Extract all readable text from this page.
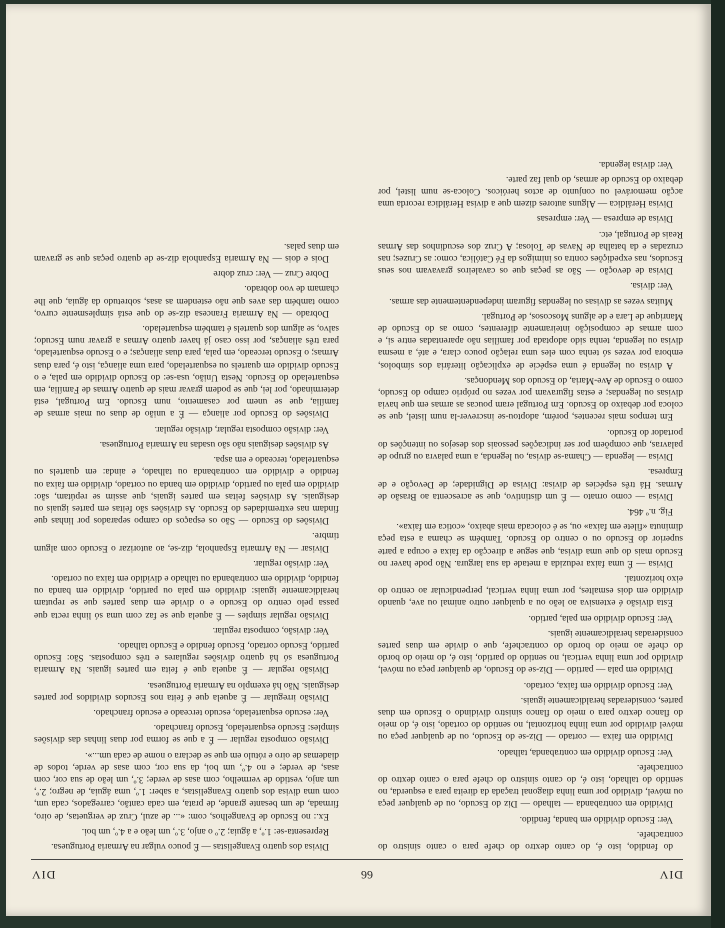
DIV
66
DIV

do fendido, isto é, do canto dextro do chefe para o canto sinistro do contrachefe.

Ver: Escudo dividido em banda, fendido.

Dividido em contrabanda — talhado — Diz do Escudo, ou de qualquer peça ou móvel, dividido por uma linha diagonal traçada da direita para a esquerda, no sentido do talhado, isto é, do canto sinistro do chefe para o canto dextro do contrachefe.

Ver: Escudo dividido em contrabanda, talhado.

Dividido em faixa — cortado — Diz-se do Escudo, ou de qualquer peça ou móvel dividido por uma linha horizontal, no sentido do cortado, isto é, do meio do flanco dextro para o meio do flanco sinistro dividindo o Escudo em duas partes, consideradas heraldicamente iguais.

Ver: Escudo dividido em faixa, cortado.

Dividido em pala — partido — Diz-se do Escudo, de qualquer peça ou móvel, dividido por uma linha vertical, no sentido do partido, isto é, do meio do bordo do chefe ao meio do bordo do contrachefe, que o divide em duas partes consideradas heraldicamente iguais.

Ver: Escudo dividido em pala, partido.

Esta divisão é extensiva ao leão ou a qualquer outro animal ou ave, quando dividido em dois esmaltes, por uma linha vertical, perpendicular ao centro do eixo horizontal.

Divisa — É uma faixa reduzida a metade da sua largura. Não pode haver no Escudo mais do que uma divisa, que segue a direcção da faixa e ocupa a parte superior do Escudo ou o centro do Escudo. Também se chama a esta peça diminuta «filete em faixa» ou, se é colocada mais abaixo, «cotica em faixa».

Fig. n.º 464.

Divisa — como ornato — É um distintivo, que se acrescenta ao Brasão de Armas. Há três espécies de divisa: Divisa de Dignidade; de Devoção e de Empresa.

Divisa — legenda — Chama-se divisa, ou legenda, a uma palavra ou grupo de palavras, que compõem por ser indicações pessoais dos desejos ou intenções do portador do Escudo.

Em tempos mais recentes, porém, adoptou-se inscrever-la num listel, que se coloca por debaixo do Escudo. Em Portugal eram poucas as armas em que havia divisas ou legendas; e estas figuravam por vezes no próprio campo do Escudo, como o Escudo de Ave-Maria, do Escudo dos Mendonças.

A divisa ou legenda é uma espécie de explicação literária dos símbolos, embora por vezes só tenha com eles uma relação pouco clara, e até, a mesma divisa ou legenda, tenha sido adoptada por famílias não aparentadas entre si, e com armas de composição inteiramente diferentes, como as do Escudo de Manrique de Lara e de alguns Moscosos, de Portugal.

Muitas vezes as divisas ou legendas figuram independentemente das armas.

Ver: divisa.

Divisa de devoção — São as peças que os cavaleiros gravavam nos seus Escudos, nas expedições contra os inimigos da Fé Católica, como: as Cruzes; nas cruzadas e da batalha de Navas de Tolosa; A Cruz dos escudinhos das Armas Reais de Portugal, etc.

Divisa de empresa — Ver: empresas

Divisa Heráldica — Alguns autores dizem que a divisa Heráldica recorda uma acção memorável ou conjunto de actos heróicos. Coloca-se num listel, por debaixo do Escudo de armas, do qual faz parte.

Ver: divisa legenda.

Divisa dos quatro Evangelistas — É pouco vulgar na Armaria Portuguesa.

Representa-se: 1.º, a águia; 2.º o anjo, 3.º, um leão e a 4.º, um boi.

Ex.: no Escudo de Evangelhos, com: «... de azul, Cruz de verguetas, de oiro, firmada, de um besante grande, de prata, em cada cantão, carregados, cada um, com uma divisa dos quatro Evangelistas, a saber: 1.º, uma águia, de negro; 2.º, um anjo, vestido de vermelho, com asas de verde; 3.º, um leão de sua cor, com asas, de verde; e no 4.º, um boi, da sua cor, com asas de verde, todos de diademas de oiro e rótulo em que se declara o nome de cada um...».

Divisão composta regular — É a que se forma por duas linhas das divisões simples: Escudo esquartelado, Escudo franchado.

Ver: escudo esquartelado, escudo terceado e escudo franchado.

Divisão irregular — É aquela que é feita nos Escudos divididos por partes desiguais. Não há exemplo na Armaria Portuguesa.

Divisão regular — É aquela que é feita em partes iguais. Na Armaria Portuguesa só há quatro divisões regulares e três compostas. São: Escudo partido, Escudo cortado, Escudo fendido e Escudo talhado.

Ver: divisão, composta regular.

Divisão regular simples — É aquela que se faz com uma só linha recta que passa pelo centro do Escudo e o divide em duas partes que se reputam heraldicamente iguais: dividido em pala ou partido, dividido em banda ou fendido, dividido em contrabanda ou talhado e dividido em faixa ou cortado.

Ver: divisão regular.

Divisar — Na Armaria Espanhola, diz-se, ao autorizar o Escudo com algum timbre.

Divisões do Escudo — São os espaços do campo separados por linhas que findam nas extremidades do Escudo. As divisões são feitas em partes iguais ou desiguais. As divisões feitas em partes iguais, que assim se repútam, são: dividido em pala ou partido, dividido em banda ou cortado, dividido em faixa ou fendido e dividido em contrabanda ou talhado, e ainda: em quartels ou esquartelado, terceado e em aspa.

As divisões desiguais não são usadas na Armaria Portuguesa.

Ver: divisão composta regular, divisão regular.

Divisões do Escudo por aliança — É a união de duas ou mais armas de família, que se unem por casamento, num Escudo. Em Portugal, está determinado, por lei, que se podem gravar mais de quatro Armas de Família, em esquartelado do Escudo. Nesta União, usa-se: do Escudo dividido em pala, e o Escudo dividido em quartels ou esquartelado, para uma aliança, isto é, para duas Armas; o Escudo terceado, em pala, para duas alianças; e o Escudo esquartelado, para três alianças, por isso caso já haver quatro Armas a gravar num Escudo; salvo, se algum dos quartels é também esquartelado.

Dobrado — Na Armaria Francesa diz-se do que está simplesmente curvo, como também das aves que não estendem as asas, sobretudo da águia, que lhe chamam de voo dobrado.

Dobre Cruz — Ver: cruz dobre

Dois e dois — Na Armaria Espanhola diz-se de quatro peças que se gravam em duas palas.
